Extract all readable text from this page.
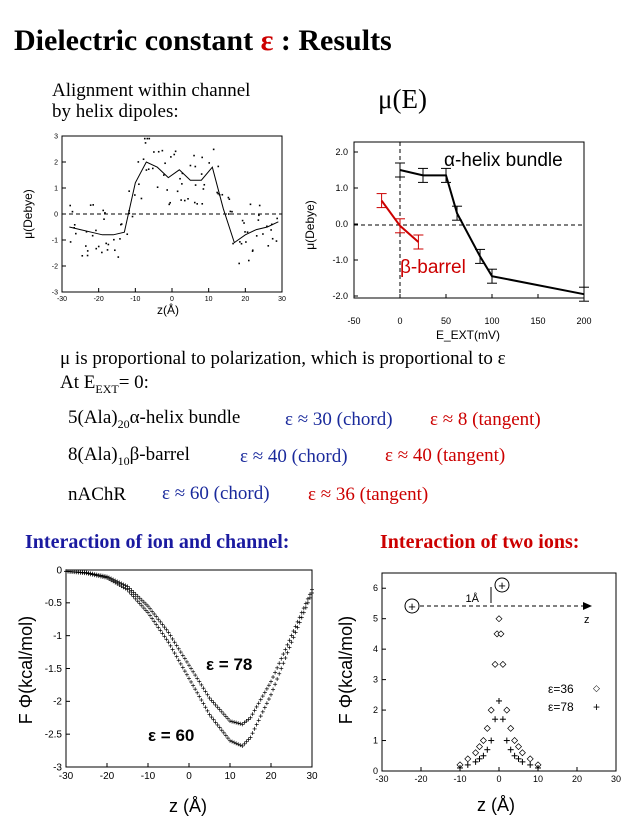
Dielectric constant ε : Results
Alignment within channel
by helix dipoles:	μ(E)
-30	-20	-10	0	10	20	30
-3
-2
-1
0
1
2
3
z(Å)
μ(Debye)
-50	0	50	100	150	200
2.0
1.0
0.0
-1.0
-2.0
α-helix bundle
β-barrel
E_EXT(mV)
μ(Debye)
μ is proportional to polarization, which is proportional to ε
At $E_{EXT}= 0$:
$5(Ala)_{20}\alpha$-helix bundle ε ≈ 30 (chord) ε ≈ 8 (tangent)
$8(Ala)_{10}\beta$-barrel	ε ≈ 40 (chord) ε ≈ 40 (tangent)
nAChR ε ≈ 60 (chord) ε ≈ 36 (tangent)
Interaction of ion and channel:	Interaction of two ions:
-30	-20	-10	0	10	20	30
0
-0.5
-1
-1.5
-2
-2.5
-3
ε = 78
ε = 60
z (Å)
F Φ(kcal/mol)
-30	-20	-10	0	10	20	30
0
1
2
3
4
5
6
+
+
1Å
z
ε=36
ε=78
◇
+
z (Å)
F Φ(kcal/mol)
